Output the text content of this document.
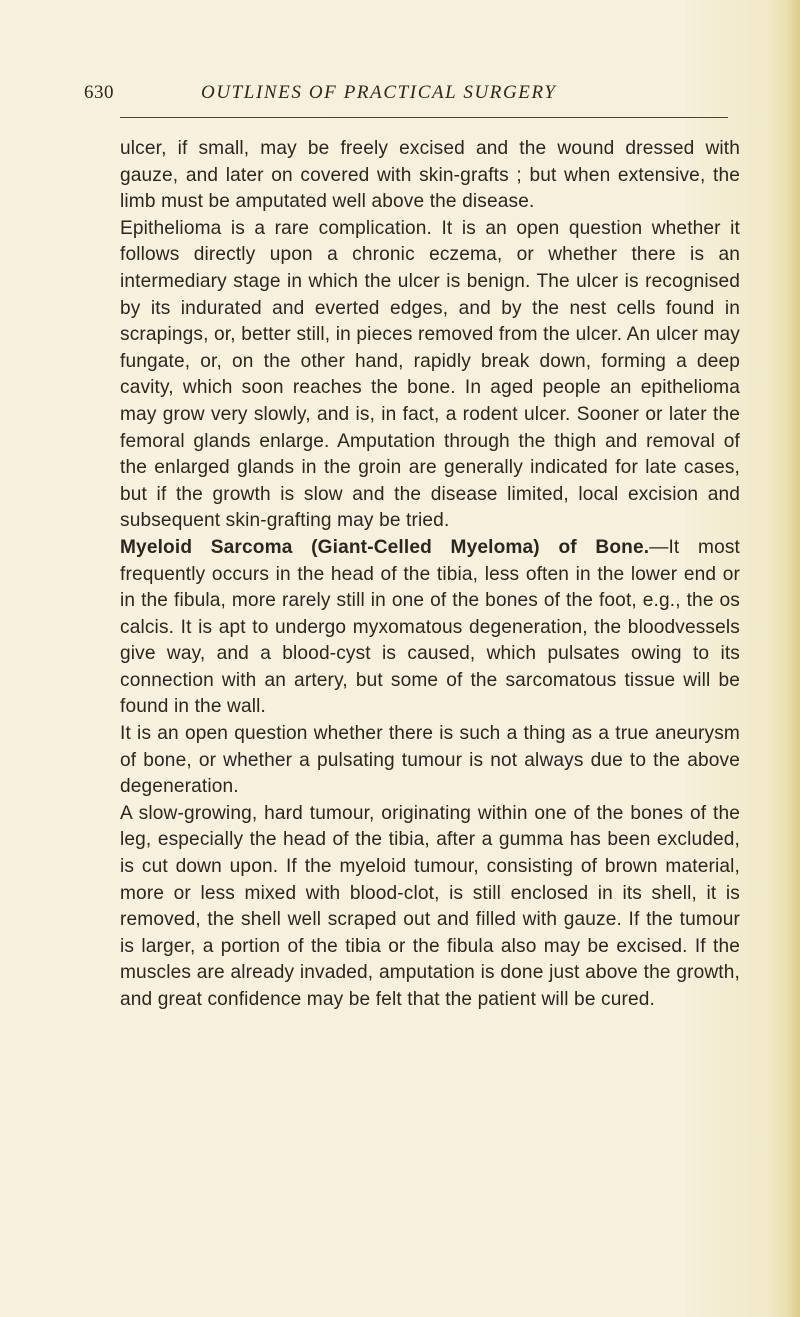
630	OUTLINES OF PRACTICAL SURGERY

ulcer, if small, may be freely excised and the wound dressed with gauze, and later on covered with skin-grafts ; but when extensive, the limb must be amputated well above the disease.

Epithelioma is a rare complication. It is an open question whether it follows directly upon a chronic eczema, or whether there is an intermediary stage in which the ulcer is benign. The ulcer is recognised by its indurated and everted edges, and by the nest cells found in scrapings, or, better still, in pieces removed from the ulcer. An ulcer may fungate, or, on the other hand, rapidly break down, forming a deep cavity, which soon reaches the bone. In aged people an epithelioma may grow very slowly, and is, in fact, a rodent ulcer. Sooner or later the femoral glands enlarge. Amputation through the thigh and removal of the enlarged glands in the groin are generally indicated for late cases, but if the growth is slow and the disease limited, local excision and subsequent skin-grafting may be tried.

Myeloid Sarcoma (Giant-Celled Myeloma) of Bone.—It most frequently occurs in the head of the tibia, less often in the lower end or in the fibula, more rarely still in one of the bones of the foot, e.g., the os calcis. It is apt to undergo myxomatous degeneration, the bloodvessels give way, and a blood-cyst is caused, which pulsates owing to its connection with an artery, but some of the sarcomatous tissue will be found in the wall.

It is an open question whether there is such a thing as a true aneurysm of bone, or whether a pulsating tumour is not always due to the above degeneration.

A slow-growing, hard tumour, originating within one of the bones of the leg, especially the head of the tibia, after a gumma has been excluded, is cut down upon. If the myeloid tumour, consisting of brown material, more or less mixed with blood-clot, is still enclosed in its shell, it is removed, the shell well scraped out and filled with gauze. If the tumour is larger, a portion of the tibia or the fibula also may be excised. If the muscles are already invaded, amputation is done just above the growth, and great confidence may be felt that the patient will be cured.
